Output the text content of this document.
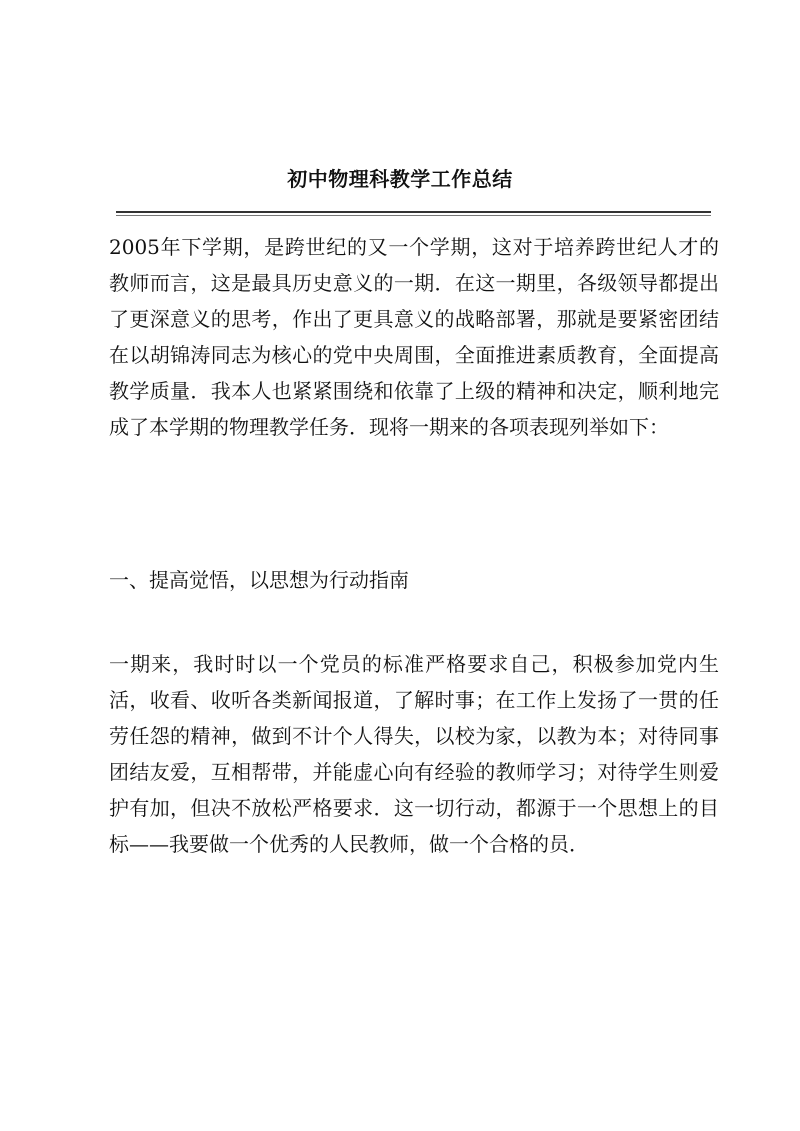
初中物理科教学工作总结

2005年下学期，是跨世纪的又一个学期，这对于培养跨世纪人才的教师而言，这是最具历史意义的一期．在这一期里，各级领导都提出了更深意义的思考，作出了更具意义的战略部署，那就是要紧密团结在以胡锦涛同志为核心的党中央周围，全面推进素质教育，全面提高教学质量．我本人也紧紧围绕和依靠了上级的精神和决定，顺利地完成了本学期的物理教学任务．现将一期来的各项表现列举如下：

一、提高觉悟，以思想为行动指南

一期来，我时时以一个党员的标准严格要求自己，积极参加党内生活，收看、收听各类新闻报道，了解时事；在工作上发扬了一贯的任劳任怨的精神，做到不计个人得失，以校为家，以教为本；对待同事团结友爱，互相帮带，并能虚心向有经验的教师学习；对待学生则爱护有加，但决不放松严格要求．这一切行动，都源于一个思想上的目标——我要做一个优秀的人民教师，做一个合格的员．
